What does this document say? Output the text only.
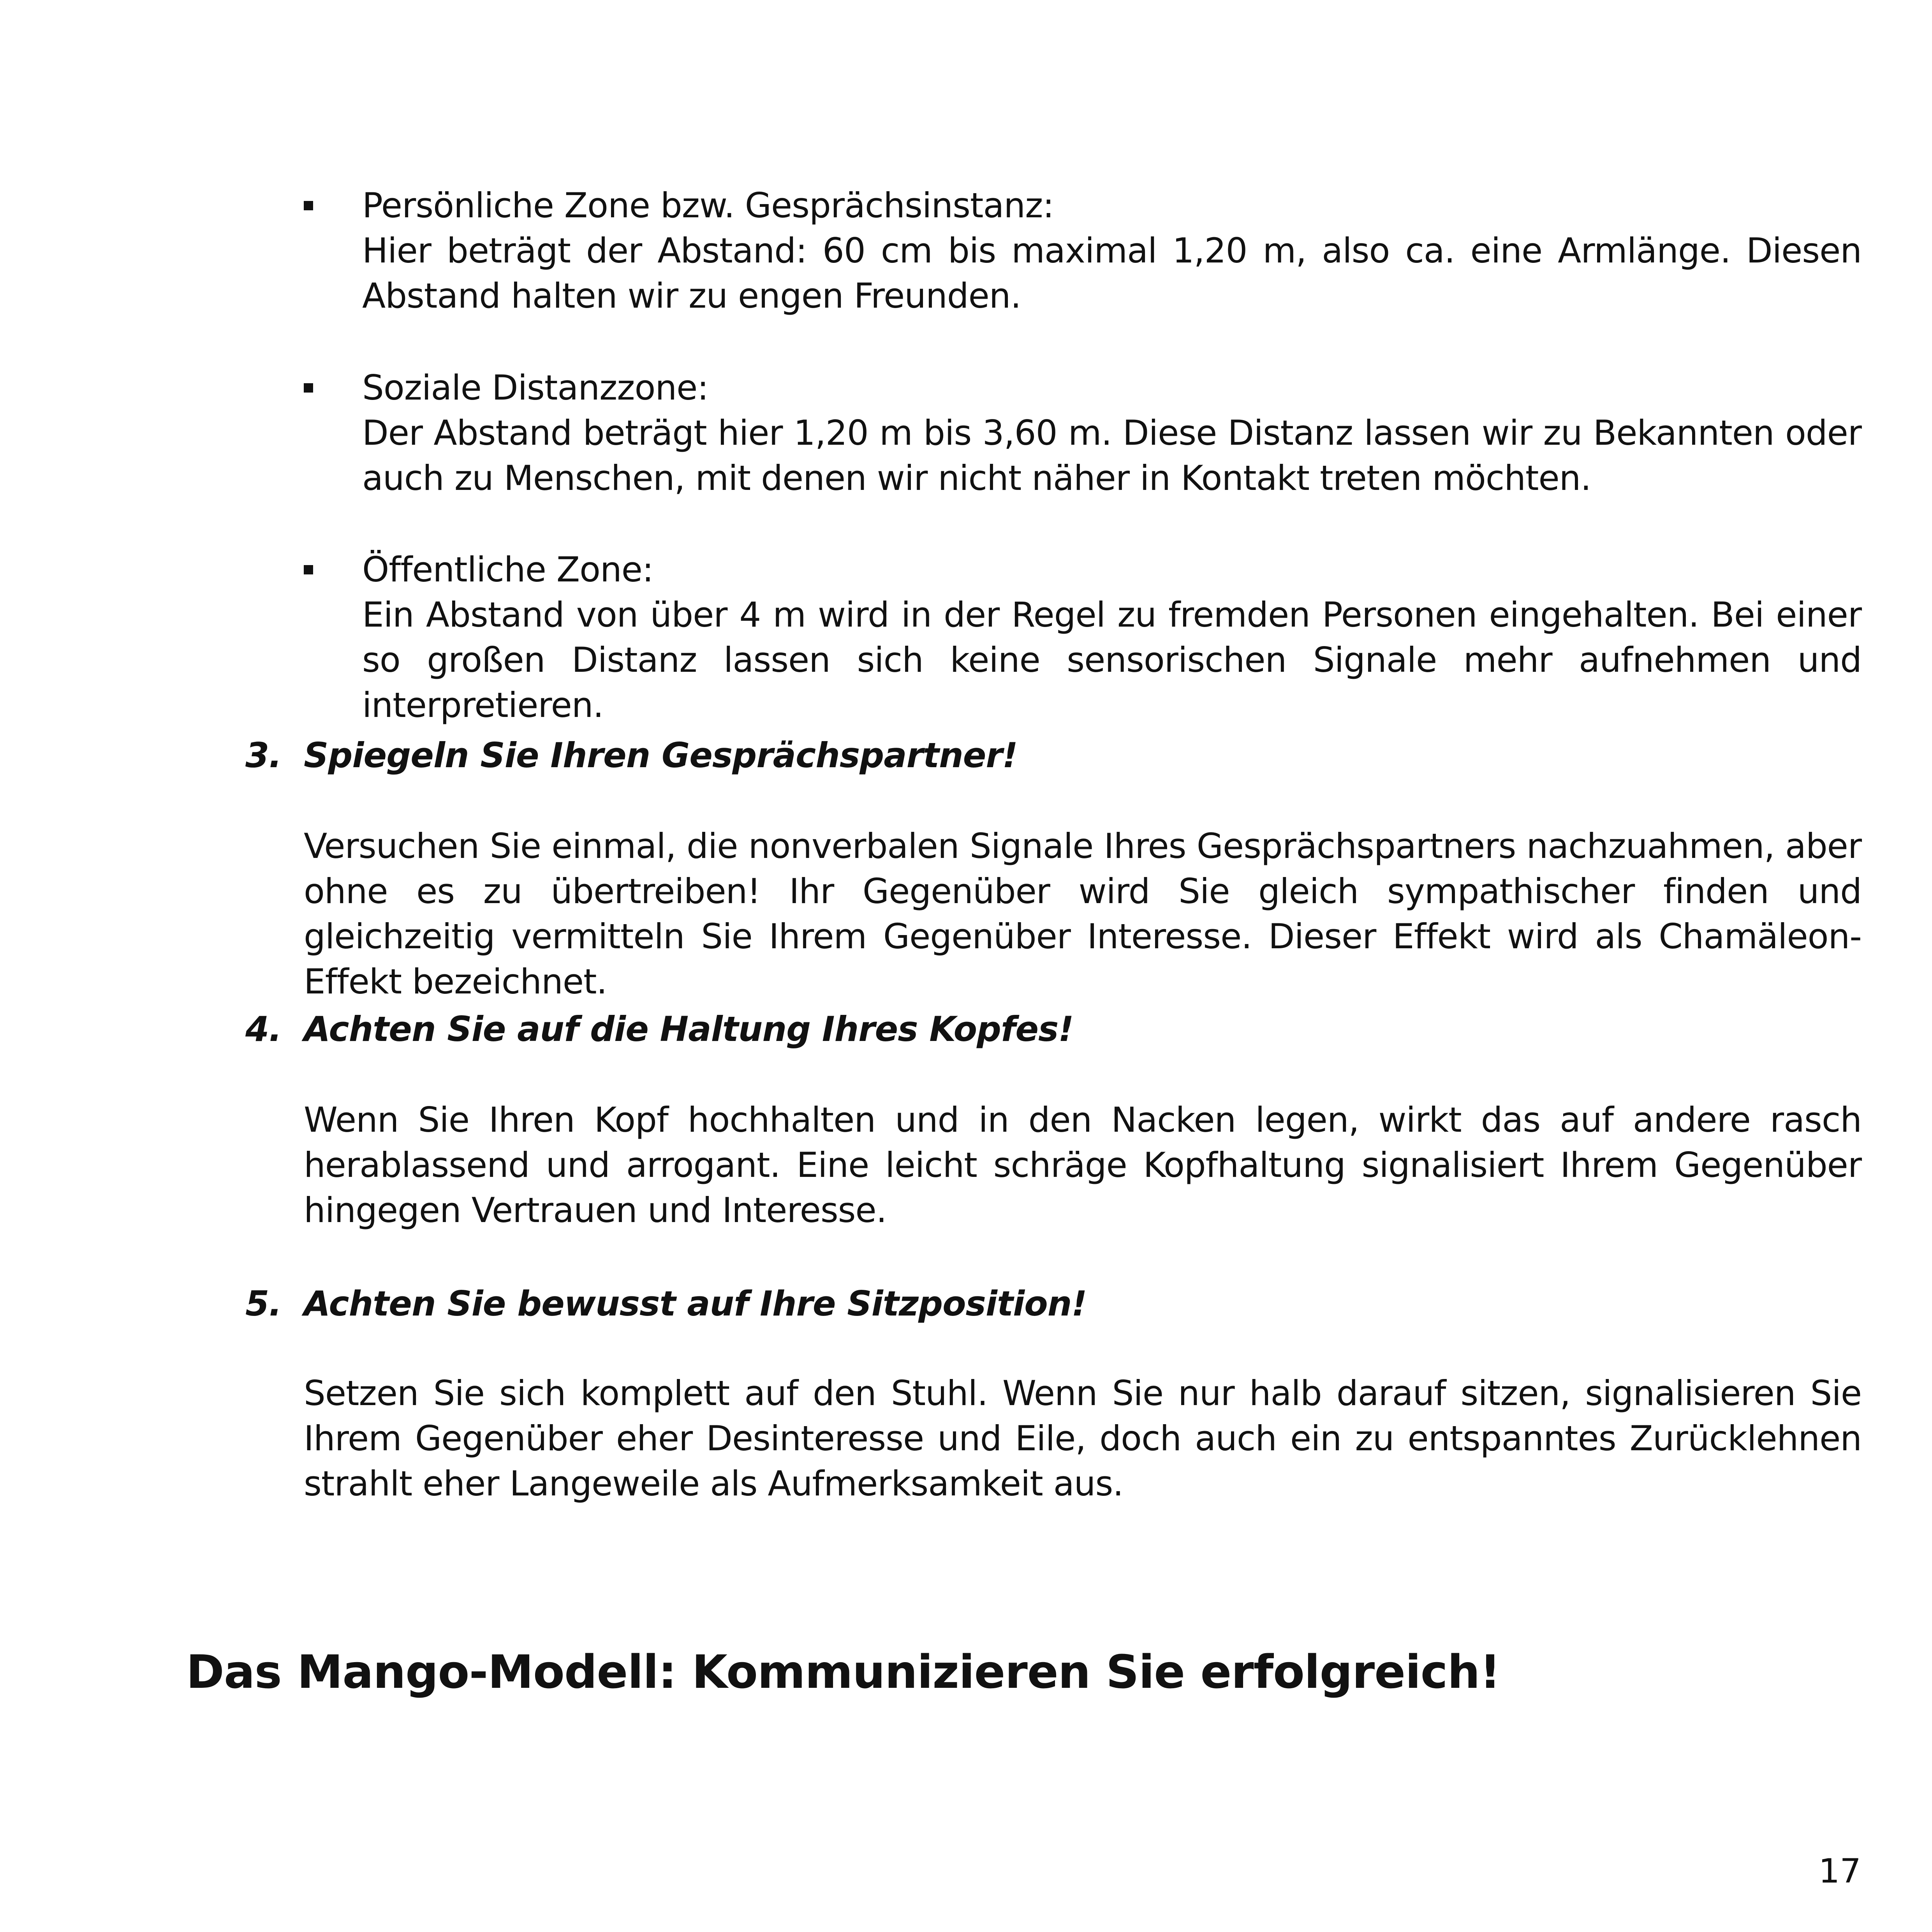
Persönliche Zone bzw. Gesprächsinstanz:
Hier beträgt der Abstand: 60 cm bis maximal 1,20 m, also ca. eine Armlänge. Diesen Abstand halten wir zu engen Freunden.
Soziale Distanzzone:
Der Abstand beträgt hier 1,20 m bis 3,60 m. Diese Distanz lassen wir zu Bekannten oder auch zu Menschen, mit denen wir nicht näher in Kontakt treten möchten.
Öffentliche Zone:
Ein Abstand von über 4 m wird in der Regel zu fremden Personen eingehalten. Bei einer so großen Distanz lassen sich keine sensorischen Signale mehr aufnehmen und interpretieren.
3. Spiegeln Sie Ihren Gesprächspartner!
Versuchen Sie einmal, die nonverbalen Signale Ihres Gesprächspartners nachzuahmen, aber ohne es zu übertreiben! Ihr Gegenüber wird Sie gleich sympathischer finden und gleichzeitig vermitteln Sie Ihrem Gegenüber Interesse. Dieser Effekt wird als Chamäleon-Effekt bezeichnet.
4. Achten Sie auf die Haltung Ihres Kopfes!
Wenn Sie Ihren Kopf hochhalten und in den Nacken legen, wirkt das auf andere rasch herablassend und arrogant. Eine leicht schräge Kopfhaltung signalisiert Ihrem Gegenüber hingegen Vertrauen und Interesse.
5. Achten Sie bewusst auf Ihre Sitzposition!
Setzen Sie sich komplett auf den Stuhl. Wenn Sie nur halb darauf sitzen, signalisieren Sie Ihrem Gegenüber eher Desinteresse und Eile, doch auch ein zu entspanntes Zurücklehnen strahlt eher Langeweile als Aufmerksamkeit aus.
Das Mango-Modell: Kommunizieren Sie erfolgreich!
17
